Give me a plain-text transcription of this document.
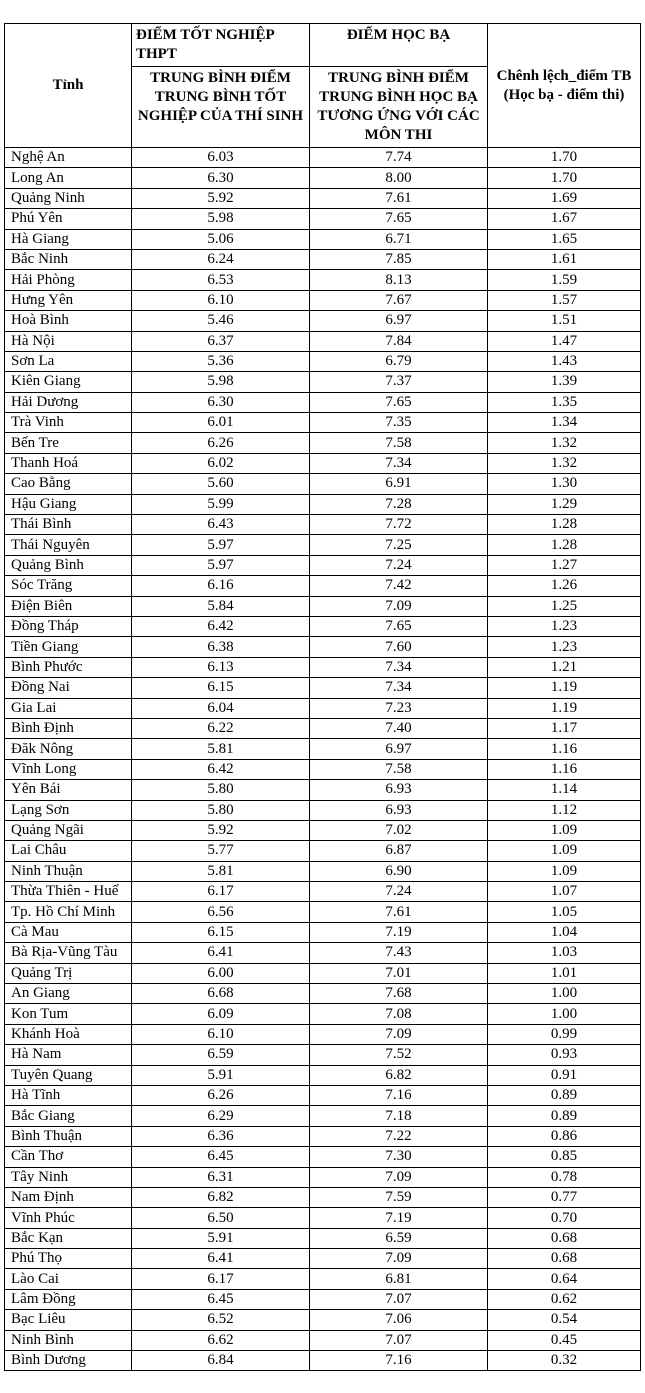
Tỉnh	ĐIỂM TỐT NGHIỆP THPT	ĐIỂM HỌC BẠ	Chênh lệch_điểm TB (Học bạ - điểm thi)
	TRUNG BÌNH ĐIỂM TRUNG BÌNH TỐT NGHIỆP CỦA THÍ SINH	TRUNG BÌNH ĐIỂM TRUNG BÌNH HỌC BẠ TƯƠNG ỨNG VỚI CÁC MÔN THI	
Nghệ An	6.03	7.74	1.70
Long An	6.30	8.00	1.70
Quảng Ninh	5.92	7.61	1.69
Phú Yên	5.98	7.65	1.67
Hà Giang	5.06	6.71	1.65
Bắc Ninh	6.24	7.85	1.61
Hải Phòng	6.53	8.13	1.59
Hưng Yên	6.10	7.67	1.57
Hoà Bình	5.46	6.97	1.51
Hà Nội	6.37	7.84	1.47
Sơn La	5.36	6.79	1.43
Kiên Giang	5.98	7.37	1.39
Hải Dương	6.30	7.65	1.35
Trà Vinh	6.01	7.35	1.34
Bến Tre	6.26	7.58	1.32
Thanh Hoá	6.02	7.34	1.32
Cao Bằng	5.60	6.91	1.30
Hậu Giang	5.99	7.28	1.29
Thái Bình	6.43	7.72	1.28
Thái Nguyên	5.97	7.25	1.28
Quảng Bình	5.97	7.24	1.27
Sóc Trăng	6.16	7.42	1.26
Điện Biên	5.84	7.09	1.25
Đồng Tháp	6.42	7.65	1.23
Tiền Giang	6.38	7.60	1.23
Bình Phước	6.13	7.34	1.21
Đồng Nai	6.15	7.34	1.19
Gia Lai	6.04	7.23	1.19
Bình Định	6.22	7.40	1.17
Đăk Nông	5.81	6.97	1.16
Vĩnh Long	6.42	7.58	1.16
Yên Bái	5.80	6.93	1.14
Lạng Sơn	5.80	6.93	1.12
Quảng Ngãi	5.92	7.02	1.09
Lai Châu	5.77	6.87	1.09
Ninh Thuận	5.81	6.90	1.09
Thừa Thiên - Huế	6.17	7.24	1.07
Tp. Hồ Chí Minh	6.56	7.61	1.05
Cà Mau	6.15	7.19	1.04
Bà Rịa-Vũng Tàu	6.41	7.43	1.03
Quảng Trị	6.00	7.01	1.01
An Giang	6.68	7.68	1.00
Kon Tum	6.09	7.08	1.00
Khánh Hoà	6.10	7.09	0.99
Hà Nam	6.59	7.52	0.93
Tuyên Quang	5.91	6.82	0.91
Hà Tĩnh	6.26	7.16	0.89
Bắc Giang	6.29	7.18	0.89
Bình Thuận	6.36	7.22	0.86
Cần Thơ	6.45	7.30	0.85
Tây Ninh	6.31	7.09	0.78
Nam Định	6.82	7.59	0.77
Vĩnh Phúc	6.50	7.19	0.70
Bắc Kạn	5.91	6.59	0.68
Phú Thọ	6.41	7.09	0.68
Lào Cai	6.17	6.81	0.64
Lâm Đồng	6.45	7.07	0.62
Bạc Liêu	6.52	7.06	0.54
Ninh Bình	6.62	7.07	0.45
Bình Dương	6.84	7.16	0.32
